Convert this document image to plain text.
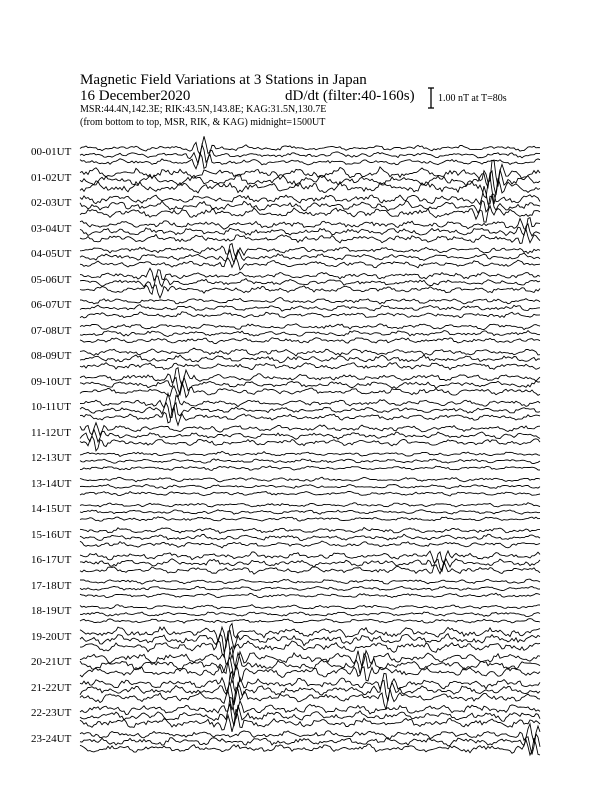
Magnetic Field Variations at 3 Stations in Japan
16 December2020	dD/dt (filter:40-160s)
MSR:44.4N,142.3E; RIK:43.5N,143.8E; KAG:31.5N,130.7E
(from bottom to top, MSR, RIK, & KAG) midnight=1500UT
1.00 nT at T=80s
00-01UT
01-02UT
02-03UT
03-04UT
04-05UT
05-06UT
06-07UT
07-08UT
08-09UT
09-10UT
10-11UT
11-12UT
12-13UT
13-14UT
14-15UT
15-16UT
16-17UT
17-18UT
18-19UT
19-20UT
20-21UT
21-22UT
22-23UT
23-24UT
